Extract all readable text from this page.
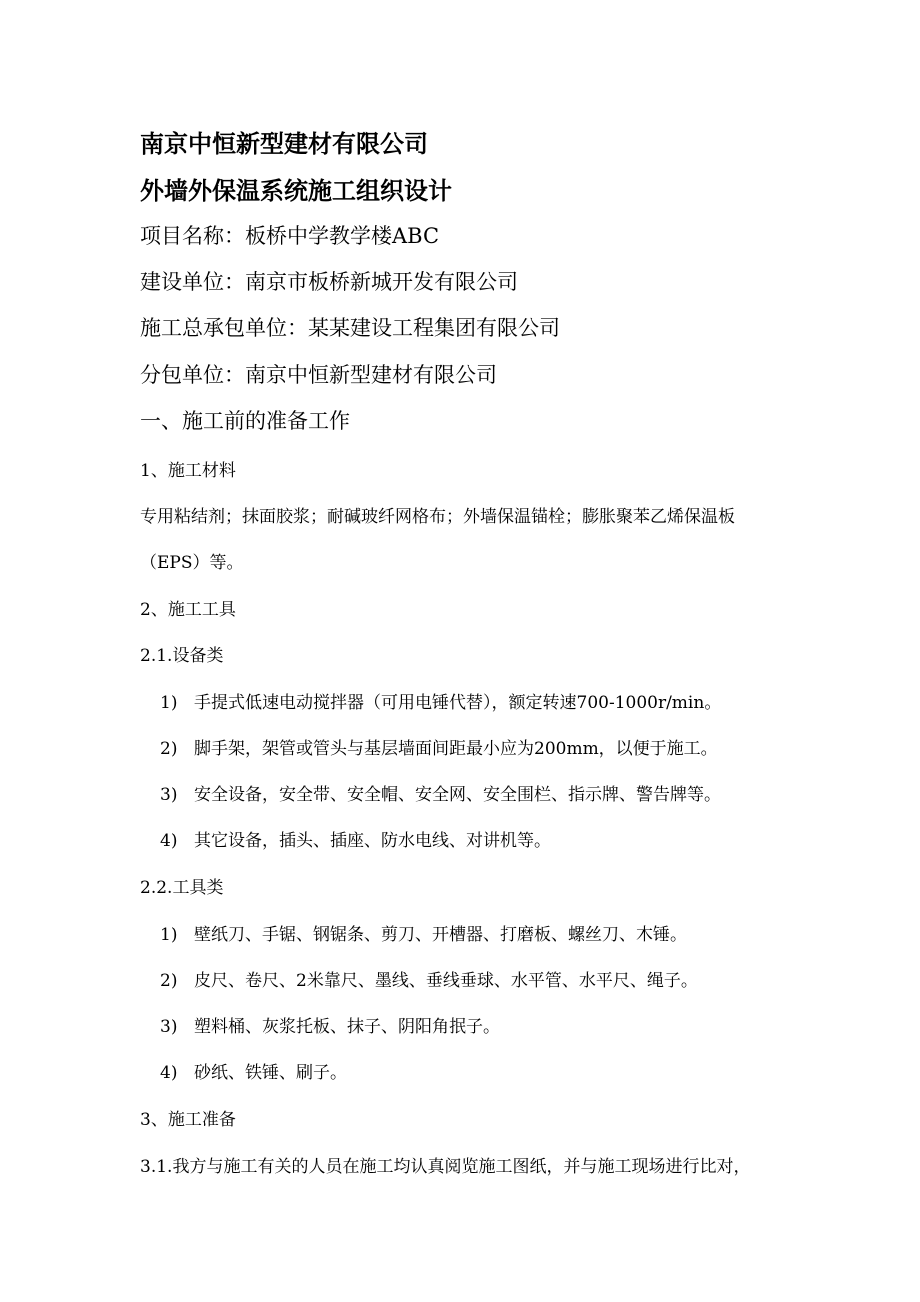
南京中恒新型建材有限公司
外墙外保温系统施工组织设计
项目名称：板桥中学教学楼ABC
建设单位：南京市板桥新城开发有限公司
施工总承包单位：某某建设工程集团有限公司
分包单位：南京中恒新型建材有限公司
一、施工前的准备工作
1、施工材料
专用粘结剂；抹面胶浆；耐碱玻纤网格布；外墙保温锚栓；膨胀聚苯乙烯保温板
（EPS）等。
2、施工工具
2.1.设备类
1) 手提式低速电动搅拌器（可用电锤代替），额定转速700-1000r/min。
2) 脚手架，架管或管头与基层墙面间距最小应为200mm，以便于施工。
3) 安全设备，安全带、安全帽、安全网、安全围栏、指示牌、警告牌等。
4) 其它设备，插头、插座、防水电线、对讲机等。
2.2.工具类
1) 壁纸刀、手锯、钢锯条、剪刀、开槽器、打磨板、螺丝刀、木锤。
2) 皮尺、卷尺、2米靠尺、墨线、垂线垂球、水平管、水平尺、绳子。
3) 塑料桶、灰浆托板、抹子、阴阳角抿子。
4) 砂纸、铁锤、刷子。
3、施工准备
3.1.我方与施工有关的人员在施工均认真阅览施工图纸，并与施工现场进行比对，
